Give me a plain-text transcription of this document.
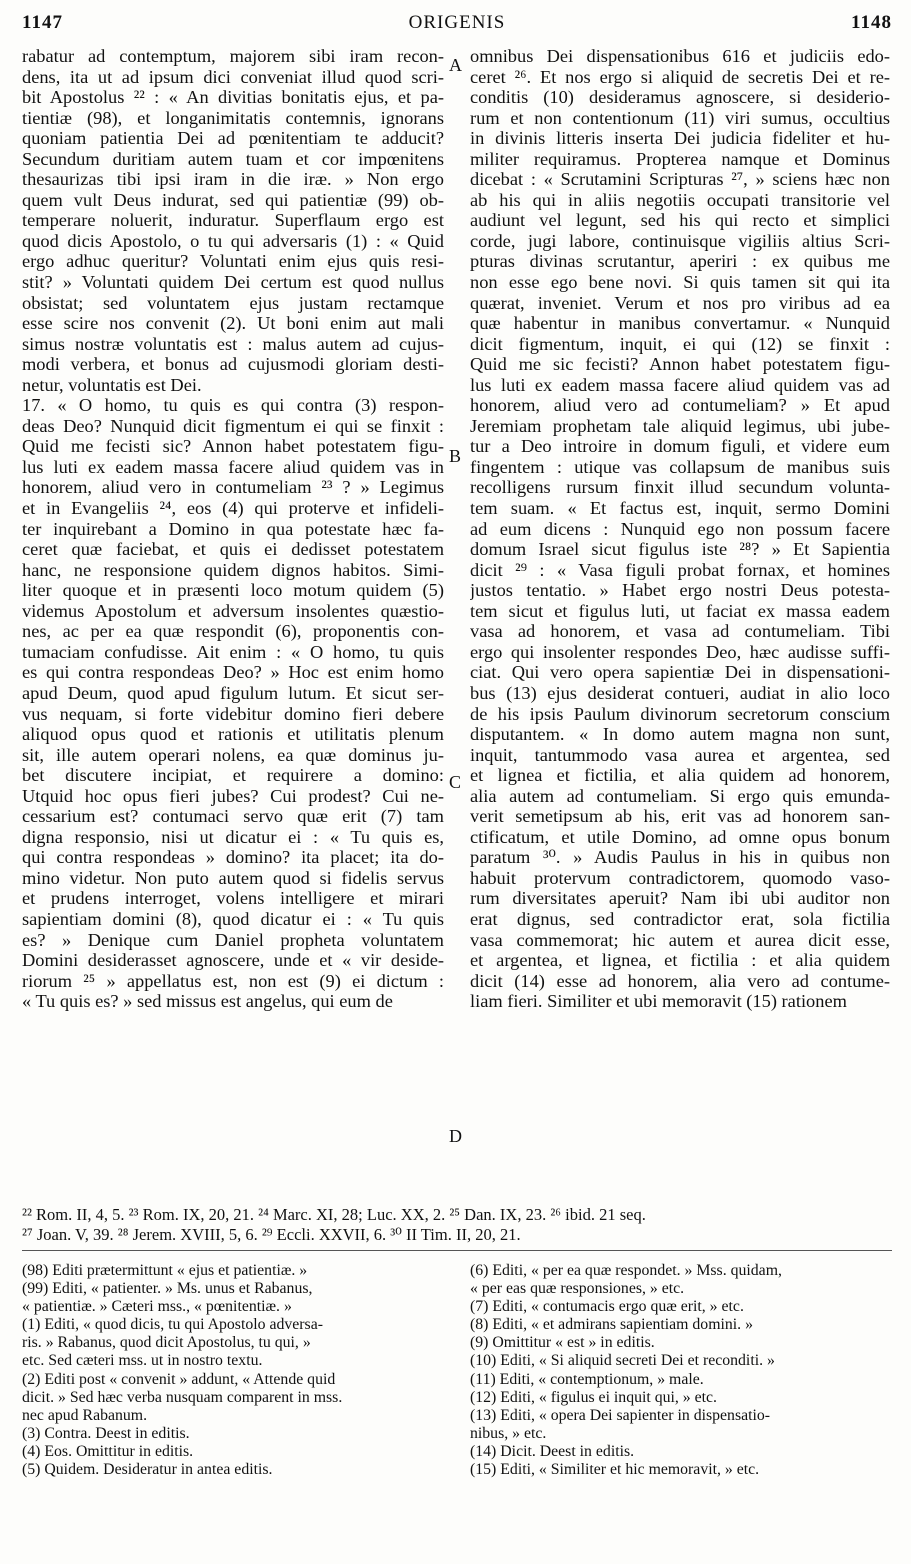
1147	ORIGENIS	1148
rabatur ad contemptum, majorem sibi iram recon-
dens, ita ut ad ipsum dici conveniat illud quod scri-
bit Apostolus ²² : « An divitias bonitatis ejus, et pa-
tientiæ (98), et longanimitatis contemnis, ignorans
quoniam patientia Dei ad pœnitentiam te adducit?
Secundum duritiam autem tuam et cor impœnitens
thesaurizas tibi ipsi iram in die iræ. » Non ergo
quem vult Deus indurat, sed qui patientiæ (99) ob-
temperare noluerit, induratur. Superflaum ergo est
quod dicis Apostolo, o tu qui adversaris (1) : « Quid
ergo adhuc queritur? Voluntati enim ejus quis resi-
stit? » Voluntati quidem Dei certum est quod nullus
obsistat; sed voluntatem ejus justam rectamque
esse scire nos convenit (2). Ut boni enim aut mali
simus nostræ voluntatis est : malus autem ad cujus-
modi verbera, et bonus ad cujusmodi gloriam desti-
netur, voluntatis est Dei.
17. « O homo, tu quis es qui contra (3) respon-
deas Deo? Nunquid dicit figmentum ei qui se finxit :
Quid me fecisti sic? Annon habet potestatem figu-
lus luti ex eadem massa facere aliud quidem vas in
honorem, aliud vero in contumeliam ²³ ? » Legimus
et in Evangeliis ²⁴, eos (4) qui proterve et infideli-
ter inquirebant a Domino in qua potestate hæc fa-
ceret quæ faciebat, et quis ei dedisset potestatem
hanc, ne responsione quidem dignos habitos. Simi-
liter quoque et in præsenti loco motum quidem (5)
videmus Apostolum et adversum insolentes quæstio-
nes, ac per ea quæ respondit (6), proponentis con-
tumaciam confudisse. Ait enim : « O homo, tu quis
es qui contra respondeas Deo? » Hoc est enim homo
apud Deum, quod apud figulum lutum. Et sicut ser-
vus nequam, si forte videbitur domino fieri debere
aliquod opus quod et rationis et utilitatis plenum
sit, ille autem operari nolens, ea quæ dominus ju-
bet discutere incipiat, et requirere a domino:
Utquid hoc opus fieri jubes? Cui prodest? Cui ne-
cessarium est? contumaci servo quæ erit (7) tam
digna responsio, nisi ut dicatur ei : « Tu quis es,
qui contra respondeas » domino? ita placet; ita do-
mino videtur. Non puto autem quod si fidelis servus
et prudens interroget, volens intelligere et mirari
sapientiam domini (8), quod dicatur ei : « Tu quis
es? » Denique cum Daniel propheta voluntatem
Domini desiderasset agnoscere, unde et « vir deside-
riorum ²⁵ » appellatus est, non est (9) ei dictum :
« Tu quis es? » sed missus est angelus, qui eum de
omnibus Dei dispensationibus 616 et judiciis edo-
ceret ²⁶. Et nos ergo si aliquid de secretis Dei et re-
conditis (10) desideramus agnoscere, si desiderio-
rum et non contentionum (11) viri sumus, occultius
in divinis litteris inserta Dei judicia fideliter et hu-
militer requiramus. Propterea namque et Dominus
dicebat : « Scrutamini Scripturas ²⁷, » sciens hæc non
ab his qui in aliis negotiis occupati transitorie vel
audiunt vel legunt, sed his qui recto et simplici
corde, jugi labore, continuisque vigiliis altius Scri-
pturas divinas scrutantur, aperiri : ex quibus me
non esse ego bene novi. Si quis tamen sit qui ita
quærat, inveniet. Verum et nos pro viribus ad ea
quæ habentur in manibus convertamur. « Nunquid
dicit figmentum, inquit, ei qui (12) se finxit :
Quid me sic fecisti? Annon habet potestatem figu-
lus luti ex eadem massa facere aliud quidem vas ad
honorem, aliud vero ad contumeliam? » Et apud
Jeremiam prophetam tale aliquid legimus, ubi jube-
tur a Deo introire in domum figuli, et videre eum
fingentem : utique vas collapsum de manibus suis
recolligens rursum finxit illud secundum volunta-
tem suam. « Et factus est, inquit, sermo Domini
ad eum dicens : Nunquid ego non possum facere
domum Israel sicut figulus iste ²⁸? » Et Sapientia
dicit ²⁹ : « Vasa figuli probat fornax, et homines
justos tentatio. » Habet ergo nostri Deus potesta-
tem sicut et figulus luti, ut faciat ex massa eadem
vasa ad honorem, et vasa ad contumeliam. Tibi
ergo qui insolenter respondes Deo, hæc audisse suffi-
ciat. Qui vero opera sapientiæ Dei in dispensationi-
bus (13) ejus desiderat contueri, audiat in alio loco
de his ipsis Paulum divinorum secretorum conscium
disputantem. « In domo autem magna non sunt,
inquit, tantummodo vasa aurea et argentea, sed
et lignea et fictilia, et alia quidem ad honorem,
alia autem ad contumeliam. Si ergo quis emunda-
verit semetipsum ab his, erit vas ad honorem san-
ctificatum, et utile Domino, ad omne opus bonum
paratum ³⁰. » Audis Paulus in his in quibus non
habuit protervum contradictorem, quomodo vaso-
rum diversitates aperuit? Nam ibi ubi auditor non
erat dignus, sed contradictor erat, sola fictilia
vasa commemorat; hic autem et aurea dicit esse,
et argentea, et lignea, et fictilia : et alia quidem
dicit (14) esse ad honorem, alia vero ad contume-
liam fieri. Similiter et ubi memoravit (15) rationem
A
B
C
D
²² Rom. II, 4, 5. ²³ Rom. IX, 20, 21. ²⁴ Marc. XI, 28; Luc. XX, 2. ²⁵ Dan. IX, 23. ²⁶ ibid. 21 seq.
²⁷ Joan. V, 39. ²⁸ Jerem. XVIII, 5, 6. ²⁹ Eccli. XXVII, 6. ³⁰ II Tim. II, 20, 21.
(98) Editi prætermittunt « ejus et patientiæ. »
(99) Editi, « patienter. » Ms. unus et Rabanus,
« patientiæ. » Cæteri mss., « pœnitentiæ. »
(1) Editi, « quod dicis, tu qui Apostolo adversa-
ris. » Rabanus, quod dicit Apostolus, tu qui, »
etc. Sed cæteri mss. ut in nostro textu.
(2) Editi post « convenit » addunt, « Attende quid
dicit. » Sed hæc verba nusquam comparent in mss.
nec apud Rabanum.
(3) Contra. Deest in editis.
(4) Eos. Omittitur in editis.
(5) Quidem. Desideratur in antea editis.
(6) Editi, « per ea quæ respondet. » Mss. quidam,
« per eas quæ responsiones, » etc.
(7) Editi, « contumacis ergo quæ erit, » etc.
(8) Editi, « et admirans sapientiam domini. »
(9) Omittitur « est » in editis.
(10) Editi, « Si aliquid secreti Dei et reconditi. »
(11) Editi, « contemptionum, » male.
(12) Editi, « figulus ei inquit qui, » etc.
(13) Editi, « opera Dei sapienter in dispensatio-
nibus, » etc.
(14) Dicit. Deest in editis.
(15) Editi, « Similiter et hic memoravit, » etc.
